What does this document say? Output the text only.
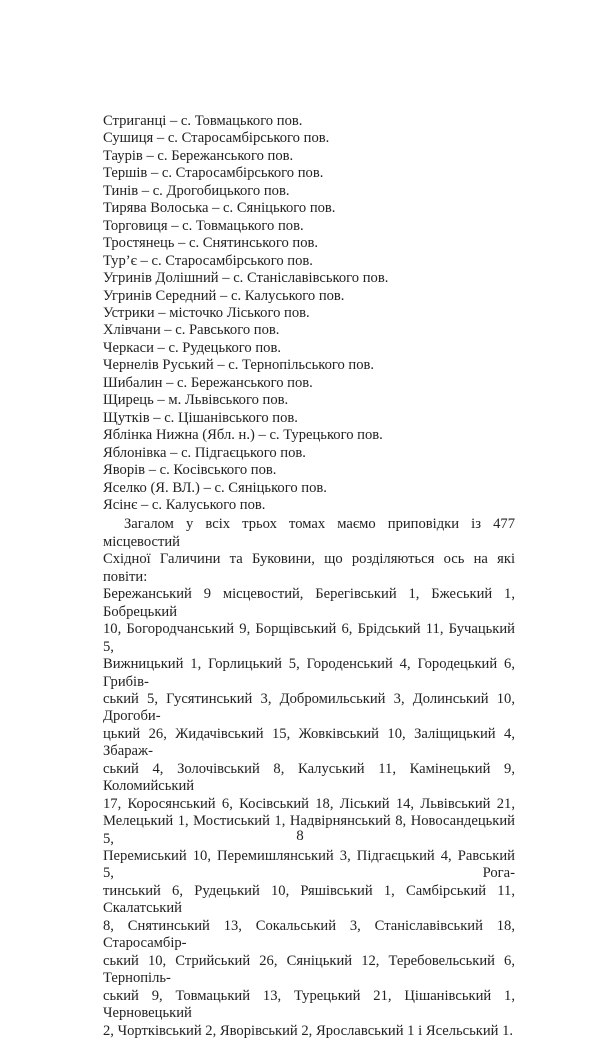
Стриганці – с. Товмацького пов.
Сушиця – с. Старосамбірського пов.
Таурів – с. Бережанського пов.
Тершів – с. Старосамбірського пов.
Тинів – с. Дрогобицького пов.
Тирява Волоська – с. Сяніцького пов.
Торговиця – с. Товмацького пов.
Тростянець – с. Снятинського пов.
Тур’є – с. Старосамбірського пов.
Угринів Долішний – с. Станіславівського пов.
Угринів Середний – с. Калуського пов.
Устрики – місточко Ліського пов.
Хлівчани – с. Равського пов.
Черкаси – с. Рудецького пов.
Чернелів Руський – с. Тернопільського пов.
Шибалин – с. Бережанського пов.
Щирець – м. Львівського пов.
Щутків – с. Цішанівського пов.
Яблінка Нижна (Ябл. н.) – с. Турецького пов.
Яблонівка – с. Підгаєцького пов.
Яворів – с. Косівського пов.
Яселко (Я. ВЛ.) – с. Сяніцького пов.
Ясінє – с. Калуського пов.
Загалом у всіх трьох томах маємо приповідки із 477 місцевостий
Східної Галичини та Буковини, що розділяються ось на які повіти:
Бережанський 9 місцевостий, Берегівський 1, Бжеський 1, Бобрецький
10, Богородчанський 9, Борщівський 6, Брідський 11, Бучацький 5,
Вижницький 1, Горлицький 5, Городенський 4, Городецький 6, Грибів-
ський 5, Гусятинський 3, Добромильський 3, Долинський 10, Дрогоби-
цький 26, Жидачівський 15, Жовківський 10, Заліщицький 4, Збараж-
ський 4, Золочівський 8, Калуський 11, Камінецький 9, Коломийський
17, Коросянський 6, Косівський 18, Ліський 14, Львівський 21,
Мелецький 1, Мостиський 1, Надвірнянський 8, Новосандецький 5,
Перемиський 10, Перемишлянський 3, Підгаєцький 4, Равський 5, Рога-
тинський 6, Рудецький 10, Ряшівський 1, Самбірський 11, Скалатський
8, Снятинський 13, Сокальський 3, Станіславівський 18, Старосамбір-
ський 10, Стрийський 26, Сяніцький 12, Теребовельський 6, Тернопіль-
ський 9, Товмацький 13, Турецький 21, Цішанівський 1, Черновецький
2, Чортківський 2, Яворівський 2, Ярославський 1 і Ясельський 1.
8
